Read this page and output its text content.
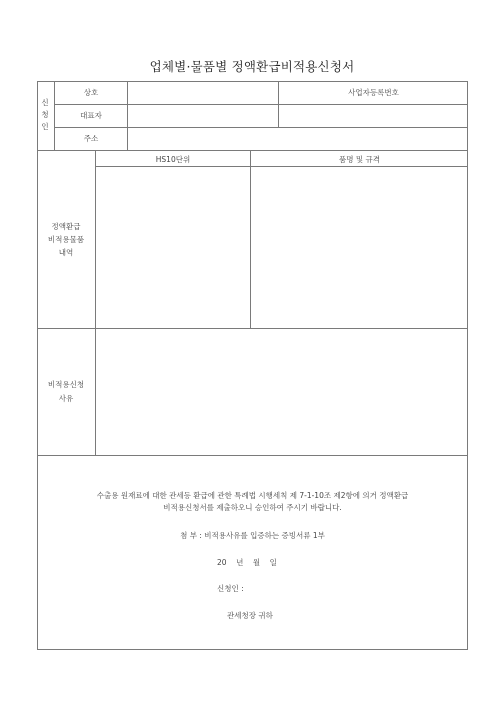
업체별·물품별 정액환급비적용신청서
신
청
인
상호	사업자등록번호
대표자
주소
정액환급
비적용물품
내역
HS10단위	품명 및 규격
비적용신청
사유
수출용 원재료에 대한 관세등 환급에 관한 특례법 시행세칙 제 7-1-10조 제2항에 의거 정액환급
비적용신청서를 제출하오니 승인하여 주시기 바랍니다.
첨 부 : 비적용사유를 입증하는 증빙서류 1부
20    년    월    일
신청인 :
관세청장 귀하
